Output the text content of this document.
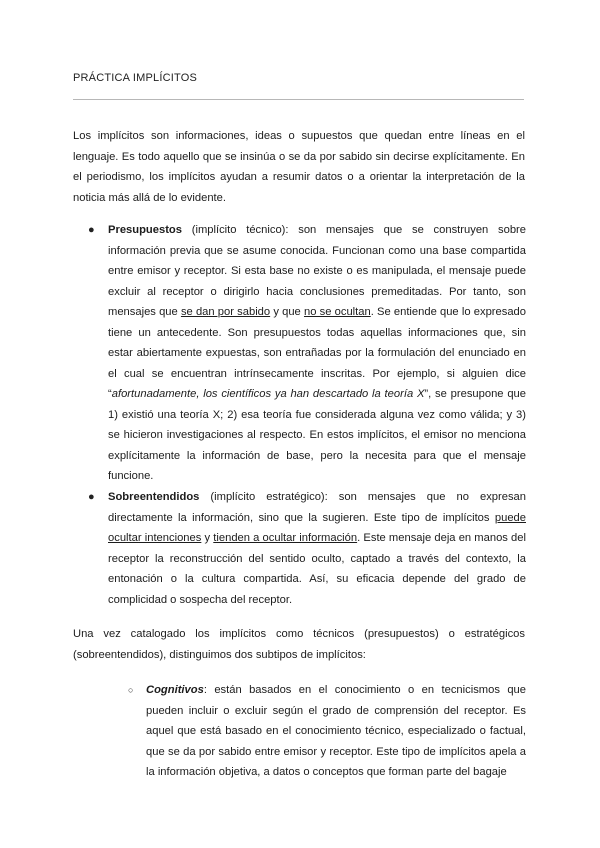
PRÁCTICA IMPLÍCITOS

Los implícitos son informaciones, ideas o supuestos que quedan entre líneas en el lenguaje. Es todo aquello que se insinúa o se da por sabido sin decirse explícitamente. En el periodismo, los implícitos ayudan a resumir datos o a orientar la interpretación de la noticia más allá de lo evidente.

● Presupuestos (implícito técnico): son mensajes que se construyen sobre información previa que se asume conocida. Funcionan como una base compartida entre emisor y receptor. Si esta base no existe o es manipulada, el mensaje puede excluir al receptor o dirigirlo hacia conclusiones premeditadas. Por tanto, son mensajes que se dan por sabido y que no se ocultan. Se entiende que lo expresado tiene un antecedente. Son presupuestos todas aquellas informaciones que, sin estar abiertamente expuestas, son entrañadas por la formulación del enunciado en el cual se encuentran intrínsecamente inscritas. Por ejemplo, si alguien dice “afortunadamente, los científicos ya han descartado la teoría X”, se presupone que 1) existió una teoría X; 2) esa teoría fue considerada alguna vez como válida; y 3) se hicieron investigaciones al respecto. En estos implícitos, el emisor no menciona explícitamente la información de base, pero la necesita para que el mensaje funcione.

● Sobreentendidos (implícito estratégico): son mensajes que no expresan directamente la información, sino que la sugieren. Este tipo de implícitos puede ocultar intenciones y tienden a ocultar información. Este mensaje deja en manos del receptor la reconstrucción del sentido oculto, captado a través del contexto, la entonación o la cultura compartida. Así, su eficacia depende del grado de complicidad o sospecha del receptor.

Una vez catalogado los implícitos como técnicos (presupuestos) o estratégicos (sobreentendidos), distinguimos dos subtipos de implícitos:

○ Cognitivos: están basados en el conocimiento o en tecnicismos que pueden incluir o excluir según el grado de comprensión del receptor. Es aquel que está basado en el conocimiento técnico, especializado o factual, que se da por sabido entre emisor y receptor. Este tipo de implícitos apela a la información objetiva, a datos o conceptos que forman parte del bagaje
